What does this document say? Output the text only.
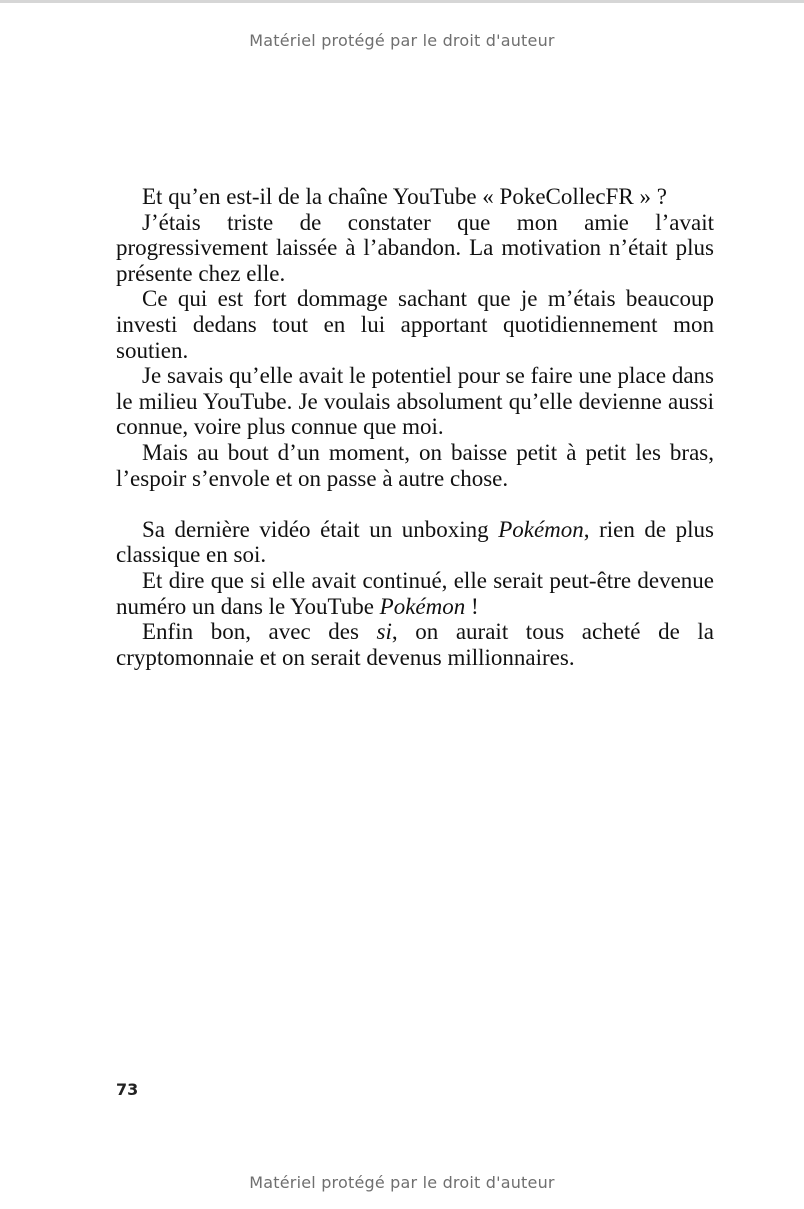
Matériel protégé par le droit d'auteur

Et qu’en est-il de la chaîne YouTube « PokeCollecFR » ?

J’étais triste de constater que mon amie l’avait progressivement laissée à l’abandon. La motivation n’était plus présente chez elle.

Ce qui est fort dommage sachant que je m’étais beaucoup investi dedans tout en lui apportant quotidiennement mon soutien.

Je savais qu’elle avait le potentiel pour se faire une place dans le milieu YouTube. Je voulais absolument qu’elle devienne aussi connue, voire plus connue que moi.

Mais au bout d’un moment, on baisse petit à petit les bras, l’espoir s’envole et on passe à autre chose.

Sa dernière vidéo était un unboxing Pokémon, rien de plus classique en soi.

Et dire que si elle avait continué, elle serait peut-être devenue numéro un dans le YouTube Pokémon !

Enfin bon, avec des si, on aurait tous acheté de la cryptomonnaie et on serait devenus millionnaires.

73
Matériel protégé par le droit d'auteur
